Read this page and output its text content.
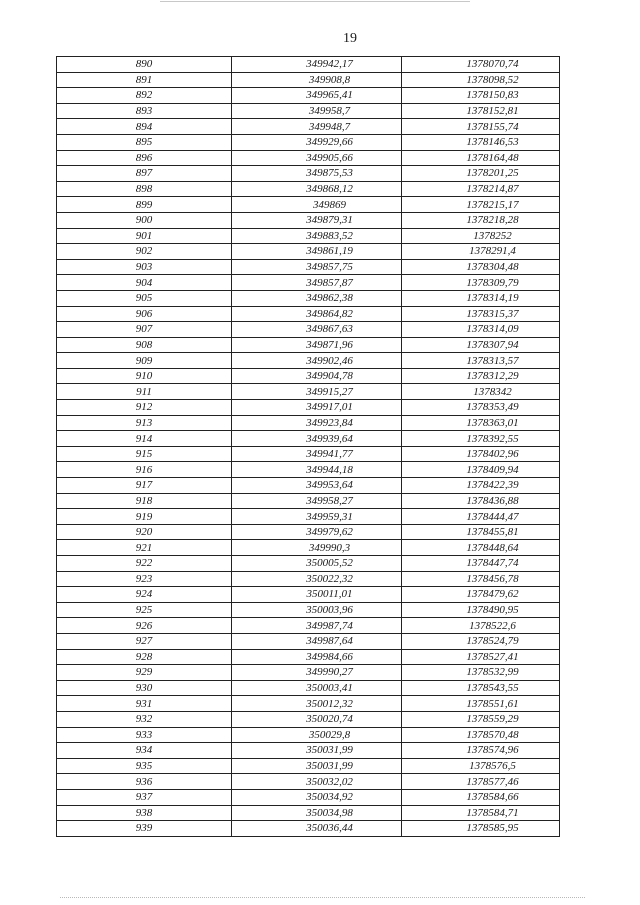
19
890	349942,17	1378070,74
891	349908,8	1378098,52
892	349965,41	1378150,83
893	349958,7	1378152,81
894	349948,7	1378155,74
895	349929,66	1378146,53
896	349905,66	1378164,48
897	349875,53	1378201,25
898	349868,12	1378214,87
899	349869	1378215,17
900	349879,31	1378218,28
901	349883,52	1378252
902	349861,19	1378291,4
903	349857,75	1378304,48
904	349857,87	1378309,79
905	349862,38	1378314,19
906	349864,82	1378315,37
907	349867,63	1378314,09
908	349871,96	1378307,94
909	349902,46	1378313,57
910	349904,78	1378312,29
911	349915,27	1378342
912	349917,01	1378353,49
913	349923,84	1378363,01
914	349939,64	1378392,55
915	349941,77	1378402,96
916	349944,18	1378409,94
917	349953,64	1378422,39
918	349958,27	1378436,88
919	349959,31	1378444,47
920	349979,62	1378455,81
921	349990,3	1378448,64
922	350005,52	1378447,74
923	350022,32	1378456,78
924	350011,01	1378479,62
925	350003,96	1378490,95
926	349987,74	1378522,6
927	349987,64	1378524,79
928	349984,66	1378527,41
929	349990,27	1378532,99
930	350003,41	1378543,55
931	350012,32	1378551,61
932	350020,74	1378559,29
933	350029,8	1378570,48
934	350031,99	1378574,96
935	350031,99	1378576,5
936	350032,02	1378577,46
937	350034,92	1378584,66
938	350034,98	1378584,71
939	350036,44	1378585,95
